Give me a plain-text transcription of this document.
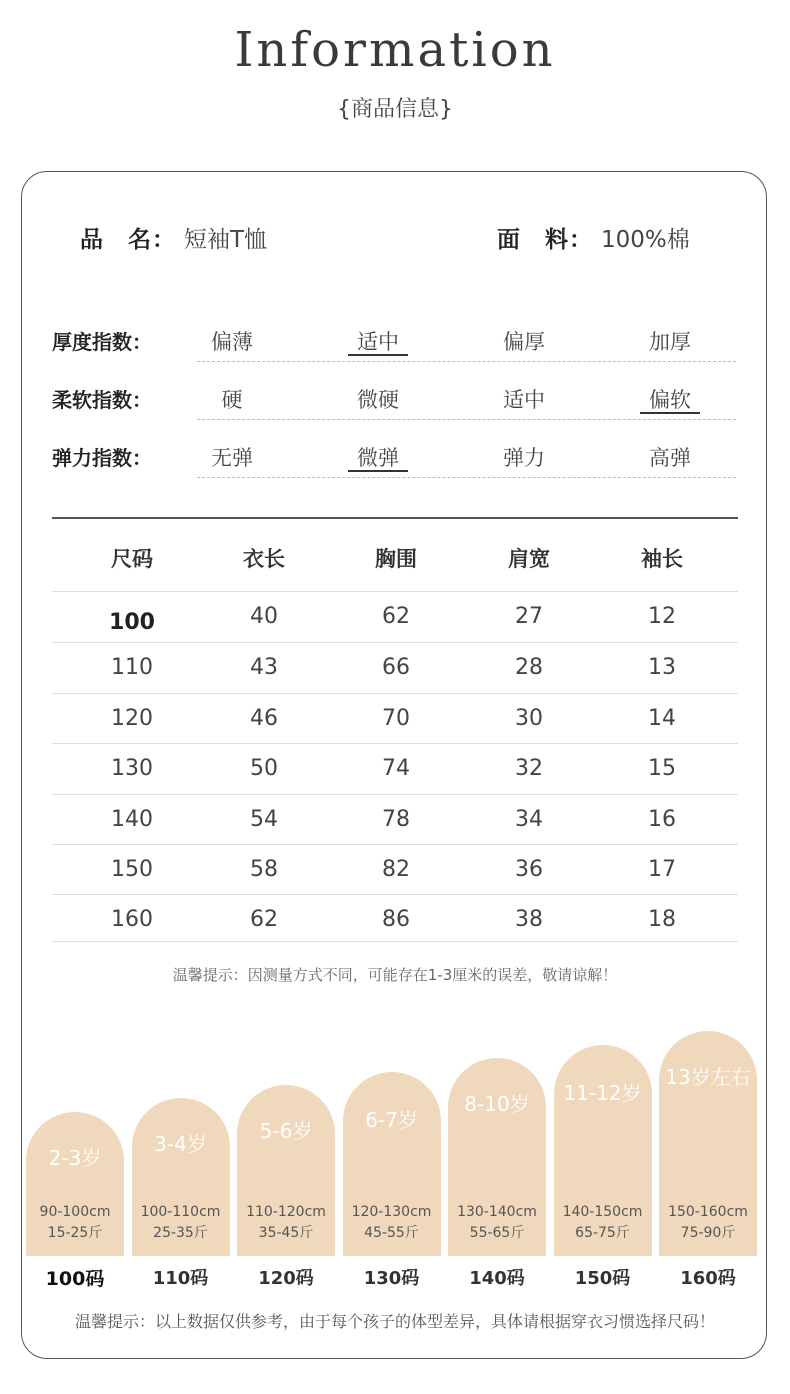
Information
{商品信息}
品　名： 短袖T恤	面　料： 100%棉
厚度指数：	偏薄	适中	偏厚	加厚
柔软指数：	硬	微硬	适中	偏软
弹力指数：	无弹	微弹	弹力	高弹
尺码	衣长	胸围	肩宽	袖长
100	40	62	27	12
110	43	66	28	13
120	46	70	30	14
130	50	74	32	15
140	54	78	34	16
150	58	82	36	17
160	62	86	38	18
温馨提示：因测量方式不同，可能存在1-3厘米的误差，敬请谅解！
2-3岁
90-100cm
15-25斤
100码
3-4岁
100-110cm
25-35斤
110码
5-6岁
110-120cm
35-45斤
120码
6-7岁
120-130cm
45-55斤
130码
8-10岁
130-140cm
55-65斤
140码
11-12岁
140-150cm
65-75斤
150码
13岁左右
150-160cm
75-90斤
160码
温馨提示：以上数据仅供参考，由于每个孩子的体型差异，具体请根据穿衣习惯选择尺码！
